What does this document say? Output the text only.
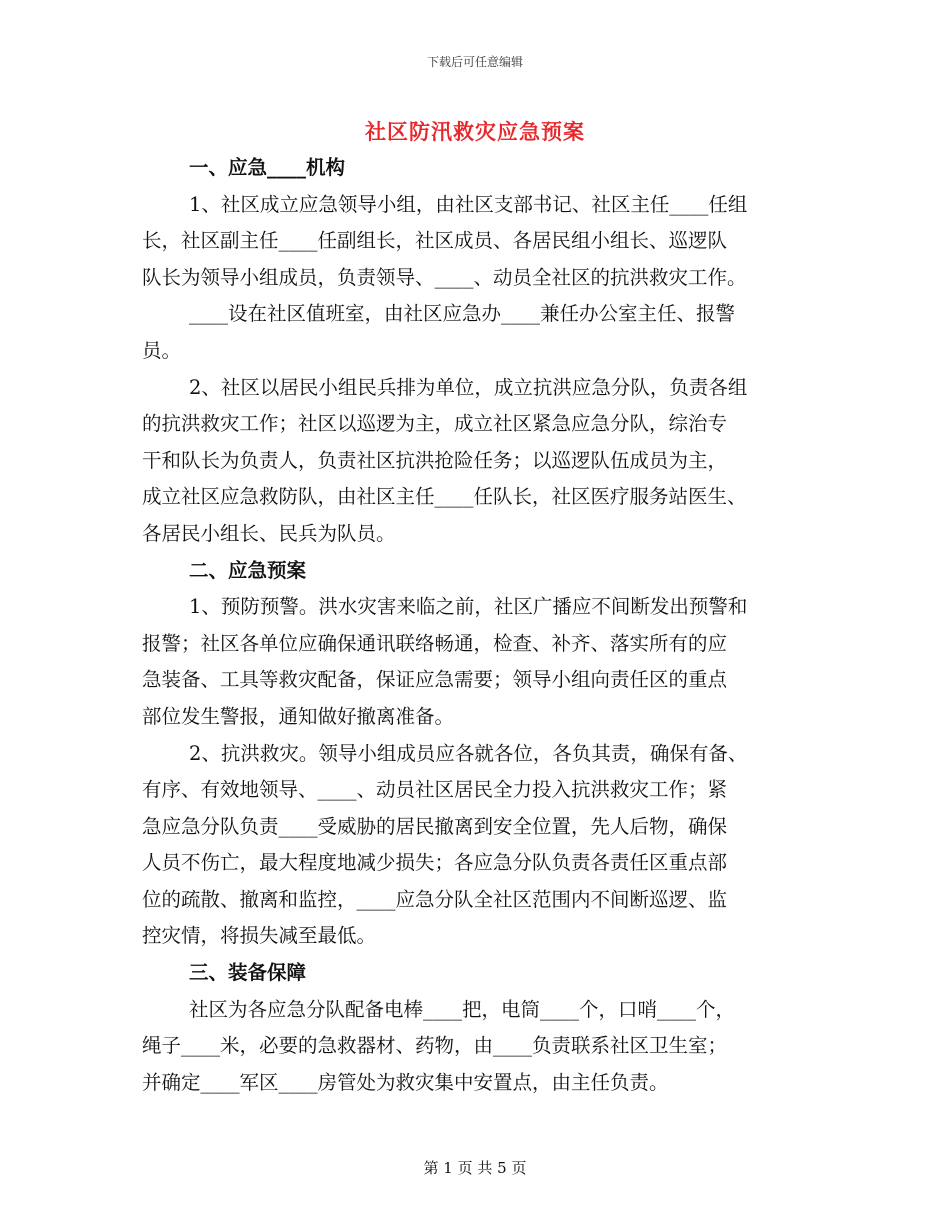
下载后可任意编辑
社区防汛救灾应急预案
一、应急____机构
1、社区成立应急领导小组，由社区支部书记、社区主任____任组
长，社区副主任____任副组长，社区成员、各居民组小组长、巡逻队
队长为领导小组成员，负责领导、____、动员全社区的抗洪救灾工作。
____设在社区值班室，由社区应急办____兼任办公室主任、报警
员。
2、社区以居民小组民兵排为单位，成立抗洪应急分队，负责各组
的抗洪救灾工作；社区以巡逻为主，成立社区紧急应急分队，综治专
干和队长为负责人，负责社区抗洪抢险任务；以巡逻队伍成员为主，
成立社区应急救防队，由社区主任____任队长，社区医疗服务站医生、
各居民小组长、民兵为队员。
二、应急预案
1、预防预警。洪水灾害来临之前，社区广播应不间断发出预警和
报警；社区各单位应确保通讯联络畅通，检查、补齐、落实所有的应
急装备、工具等救灾配备，保证应急需要；领导小组向责任区的重点
部位发生警报，通知做好撤离准备。
2、抗洪救灾。领导小组成员应各就各位，各负其责，确保有备、
有序、有效地领导、____、动员社区居民全力投入抗洪救灾工作；紧
急应急分队负责____受威胁的居民撤离到安全位置，先人后物，确保
人员不伤亡，最大程度地减少损失；各应急分队负责各责任区重点部
位的疏散、撤离和监控，____应急分队全社区范围内不间断巡逻、监
控灾情，将损失减至最低。
三、装备保障
社区为各应急分队配备电棒____把，电筒____个，口哨____个，
绳子____米，必要的急救器材、药物，由____负责联系社区卫生室；
并确定____军区____房管处为救灾集中安置点，由主任负责。
第 1 页 共 5 页
